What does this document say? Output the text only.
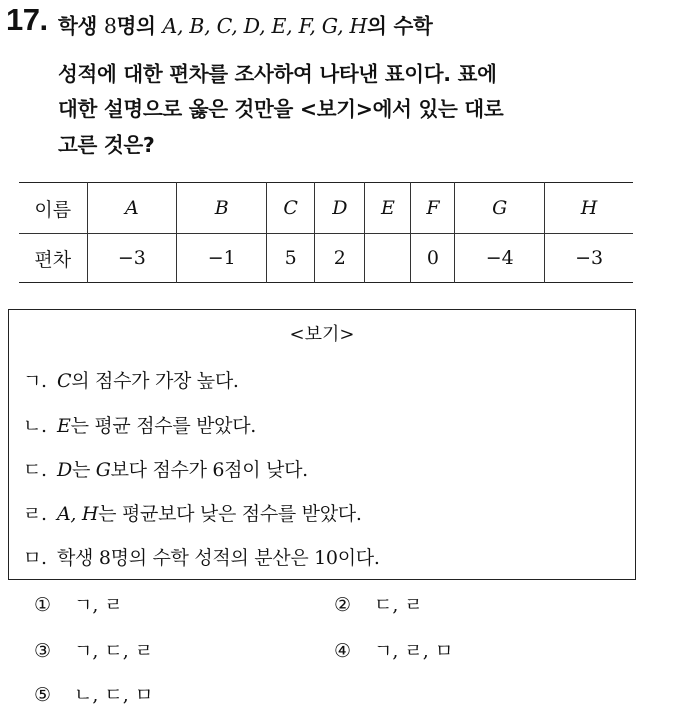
17. 학생 8명의 A, B, C, D, E, F, G, H의 수학
성적에 대한 편차를 조사하여 나타낸 표이다. 표에
대한 설명으로 옳은 것만을 <보기>에서 있는 대로
고른 것은?
이름	A	B	C	D	E	F	G	H
편차	−3	−1	5	2		0	−4	−3
<보기>
ㄱ. C의 점수가 가장 높다.
ㄴ. E는 평균 점수를 받았다.
ㄷ. D는 G보다 점수가 6점이 낮다.
ㄹ. A, H는 평균보다 낮은 점수를 받았다.
ㅁ. 학생 8명의 수학 성적의 분산은 10이다.
① ㄱ, ㄹ	② ㄷ, ㄹ
③ ㄱ, ㄷ, ㄹ	④ ㄱ, ㄹ, ㅁ
⑤ ㄴ, ㄷ, ㅁ
